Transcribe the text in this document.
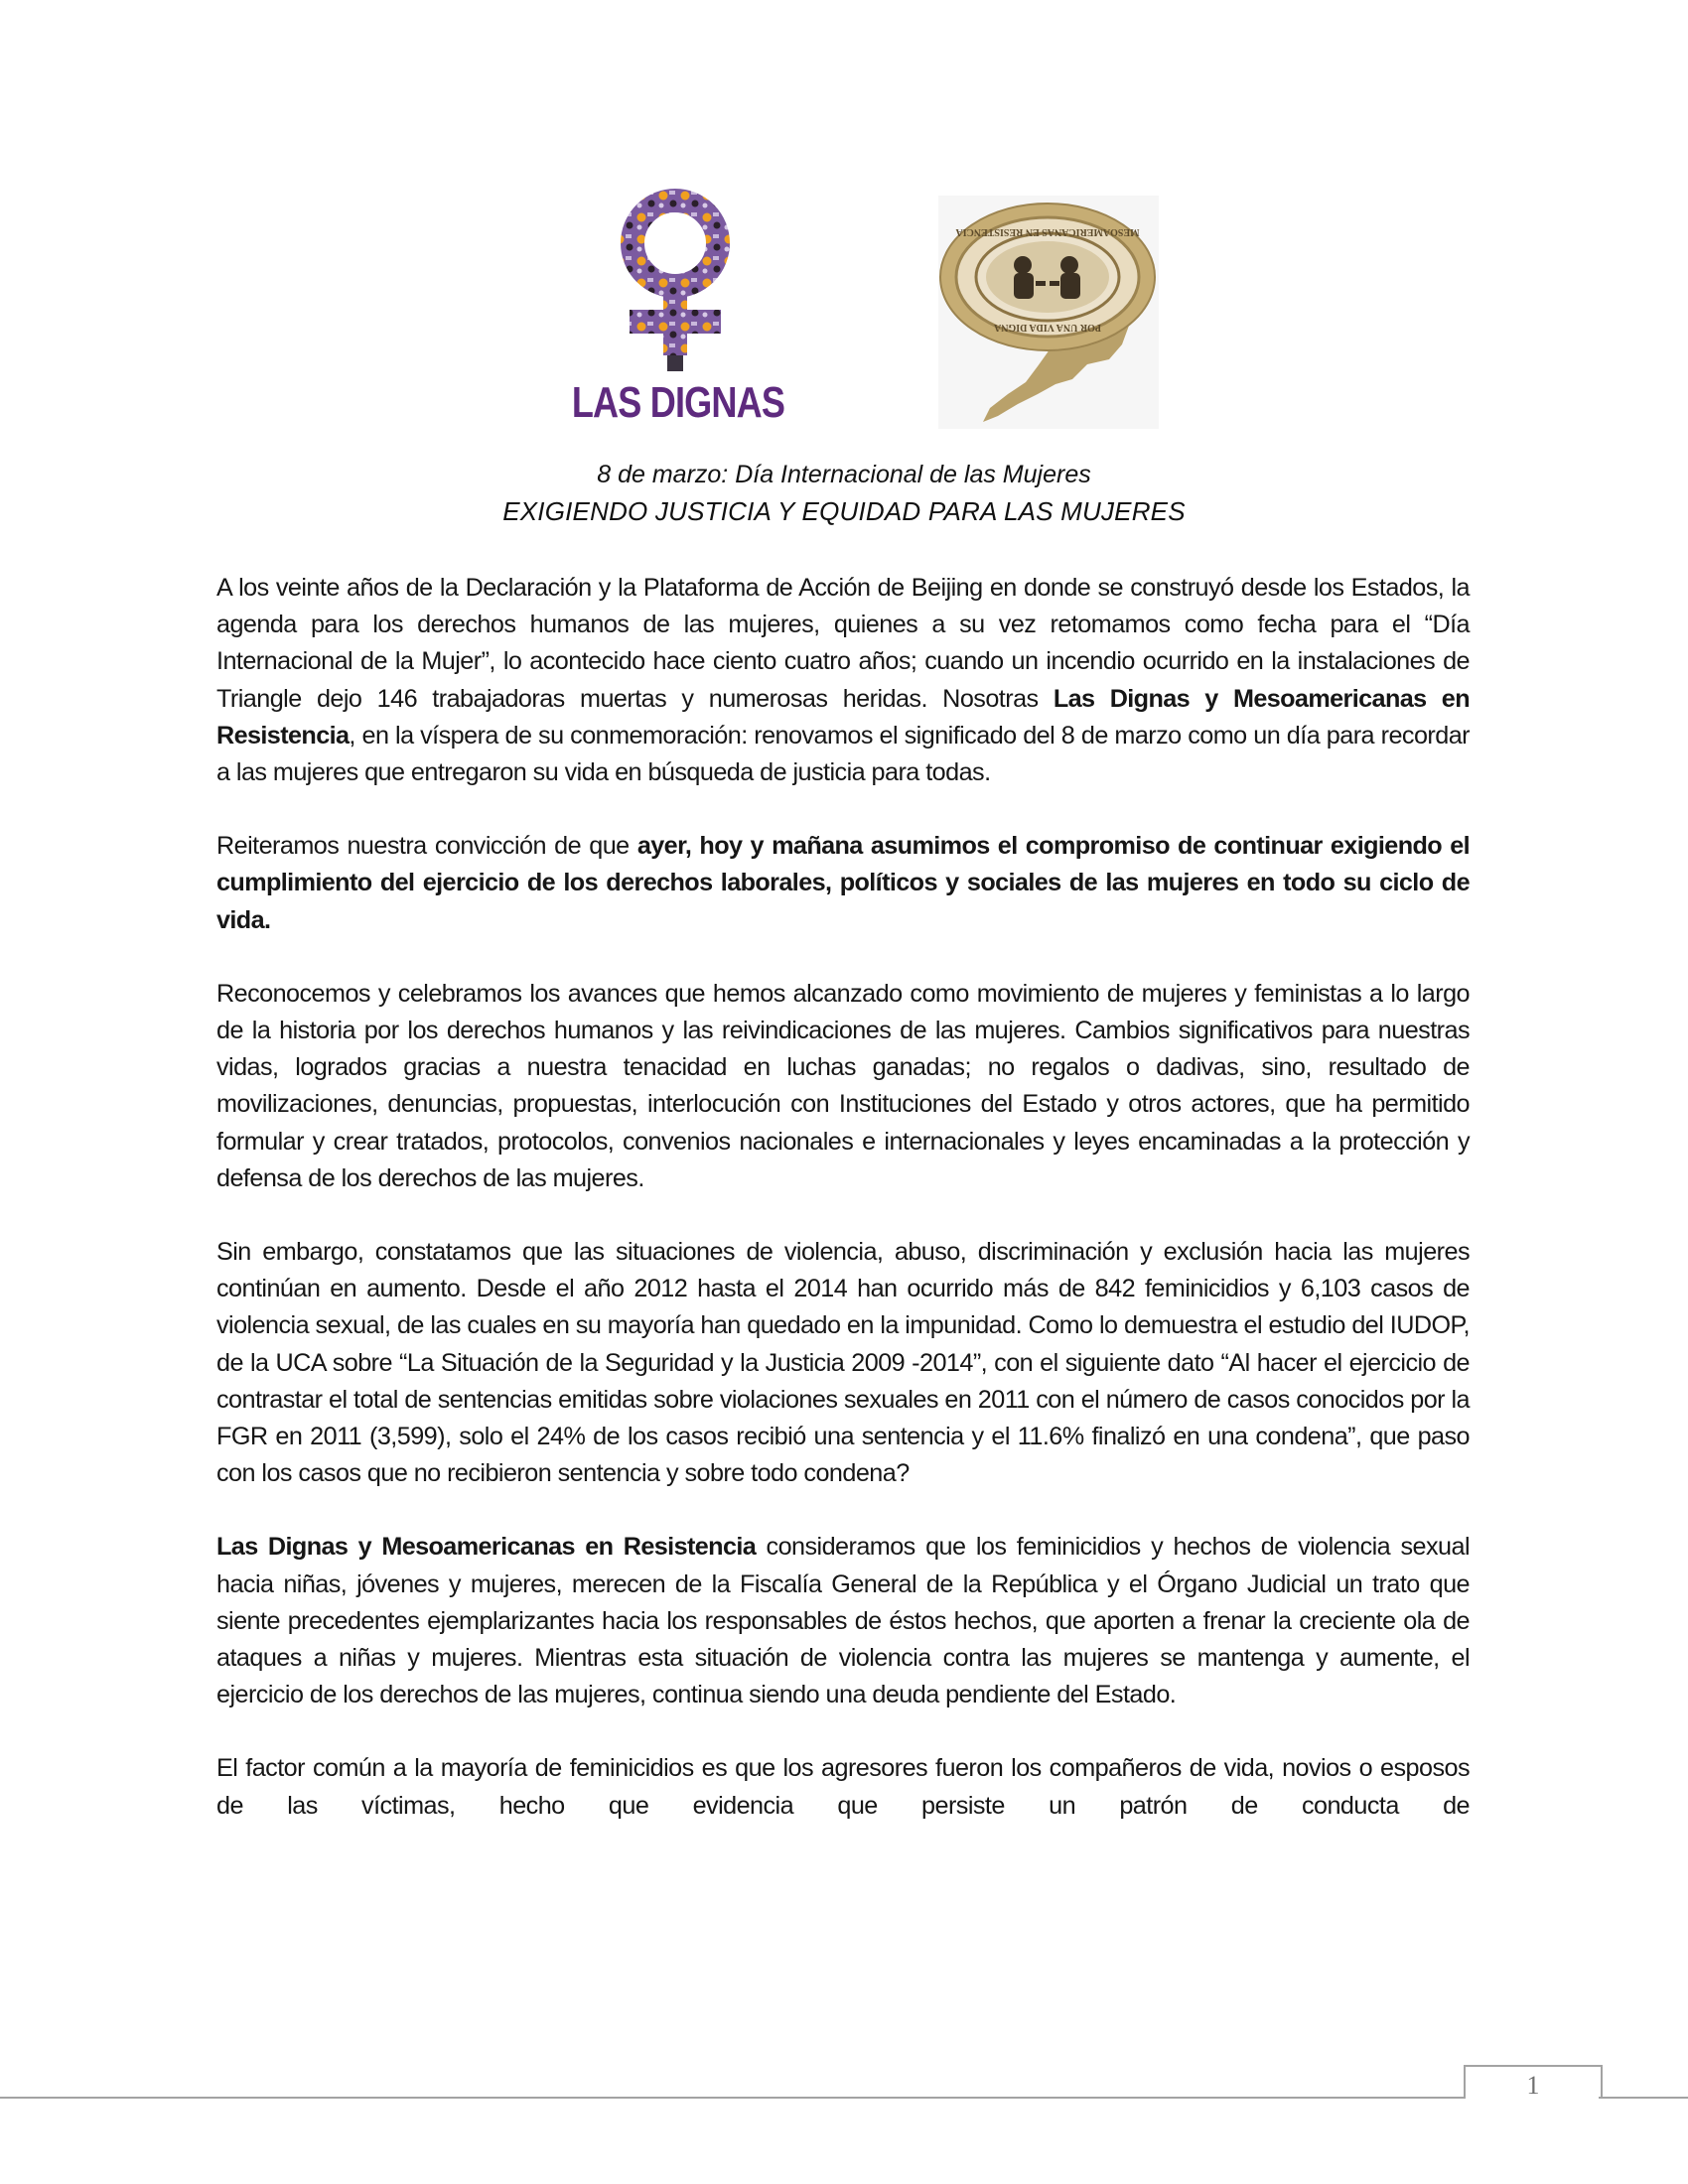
LAS DIGNAS
MESOAMERICANAS EN RESISTENCIA
POR UNA VIDA DIGNA
8 de marzo: Día Internacional de las Mujeres
EXIGIENDO JUSTICIA Y EQUIDAD PARA LAS MUJERES

A los veinte años de la Declaración y la Plataforma de Acción de Beijing en donde se construyó desde los Estados, la agenda para los derechos humanos de las mujeres, quienes a su vez retomamos como fecha para el “Día Internacional de la Mujer”, lo acontecido hace ciento cuatro años; cuando un incendio ocurrido en la instalaciones de Triangle dejo 146 trabajadoras muertas y numerosas heridas. Nosotras Las Dignas y Mesoamericanas en Resistencia, en la víspera de su conmemoración: renovamos el significado del 8 de marzo como un día para recordar a las mujeres que entregaron su vida en búsqueda de justicia para todas.

Reiteramos nuestra convicción de que ayer, hoy y mañana asumimos el compromiso de continuar exigiendo el cumplimiento del ejercicio de los derechos laborales, políticos y sociales de las mujeres en todo su ciclo de vida.

Reconocemos y celebramos los avances que hemos alcanzado como movimiento de mujeres y feministas a lo largo de la historia por los derechos humanos y las reivindicaciones de las mujeres. Cambios significativos para nuestras vidas, logrados gracias a nuestra tenacidad en luchas ganadas; no regalos o dadivas, sino, resultado de movilizaciones, denuncias, propuestas, interlocución con Instituciones del Estado y otros actores, que ha permitido formular y crear tratados, protocolos, convenios nacionales e internacionales y leyes encaminadas a la protección y defensa de los derechos de las mujeres.

Sin embargo, constatamos que las situaciones de violencia, abuso, discriminación y exclusión hacia las mujeres continúan en aumento. Desde el año 2012 hasta el 2014 han ocurrido más de 842 feminicidios y 6,103 casos de violencia sexual, de las cuales en su mayoría han quedado en la impunidad. Como lo demuestra el estudio del IUDOP, de la UCA sobre “La Situación de la Seguridad y la Justicia 2009 -2014”, con el siguiente dato “Al hacer el ejercicio de contrastar el total de sentencias emitidas sobre violaciones sexuales en 2011 con el número de casos conocidos por la FGR en 2011 (3,599), solo el 24% de los casos recibió una sentencia y el 11.6% finalizó en una condena”, que paso con los casos que no recibieron sentencia y sobre todo condena?

Las Dignas y Mesoamericanas en Resistencia consideramos que los feminicidios y hechos de violencia sexual hacia niñas, jóvenes y mujeres, merecen de la Fiscalía General de la República y el Órgano Judicial un trato que siente precedentes ejemplarizantes hacia los responsables de éstos hechos, que aporten a frenar la creciente ola de ataques a niñas y mujeres. Mientras esta situación de violencia contra las mujeres se mantenga y aumente, el ejercicio de los derechos de las mujeres, continua siendo una deuda pendiente del Estado.

El factor común a la mayoría de feminicidios es que los agresores fueron los compañeros de vida, novios o esposos de las víctimas, hecho que evidencia que persiste un patrón de conducta de

1
